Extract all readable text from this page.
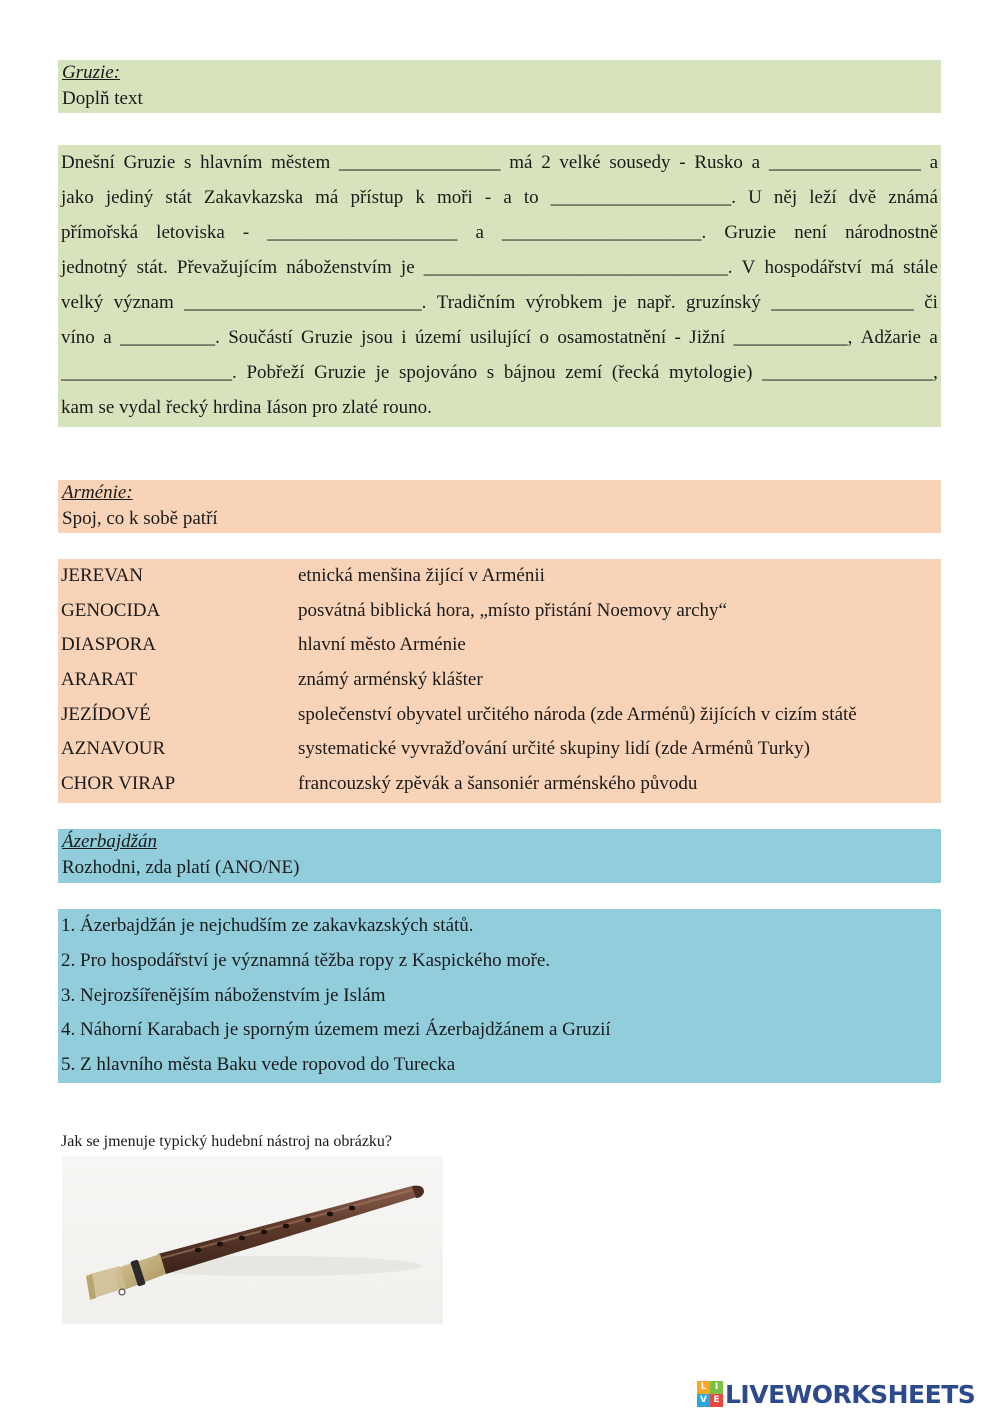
Gruzie:
Doplň text
Dnešní Gruzie s hlavním městem _________________ má 2 velké sousedy - Rusko a ________________ a
jako jediný stát Zakavkazska má přístup k moři - a to ___________________. U něj leží dvě známá
přímořská letoviska - ____________________ a _____________________. Gruzie není národnostně
jednotný stát. Převažujícím náboženstvím je ________________________________. V hospodářství má stále
velký význam _________________________. Tradičním výrobkem je např. gruzínský _______________ či
víno a __________. Součástí Gruzie jsou i území usilující o osamostatnění - Jižní ____________, Adžarie a
__________________. Pobřeží Gruzie je spojováno s bájnou zemí (řecká mytologie) __________________,
kam se vydal řecký hrdina Iáson pro zlaté rouno.
Arménie:
Spoj, co k sobě patří
JEREVAN	etnická menšina žijící v Arménii
GENOCIDA	posvátná biblická hora, „místo přistání Noemovy archy“
DIASPORA	hlavní město Arménie
ARARAT	známý arménský klášter
JEZÍDOVÉ	společenství obyvatel určitého národa (zde Arménů) žijících v cizím státě
AZNAVOUR	systematické vyvražďování určité skupiny lidí (zde Arménů Turky)
CHOR VIRAP	francouzský zpěvák a šansoniér arménského původu
Ázerbajdžán
Rozhodni, zda platí (ANO/NE)
1. Ázerbajdžán je nejchudším ze zakavkazských států.
2. Pro hospodářství je významná těžba ropy z Kaspického moře.
3. Nejrozšířenějším náboženstvím je Islám
4. Náhorní Karabach je sporným územem mezi Ázerbajdžánem a Gruzií
5. Z hlavního města Baku vede ropovod do Turecka
Jak se jmenuje typický hudební nástroj na obrázku?
L I
V E LIVEWORKSHEETS
